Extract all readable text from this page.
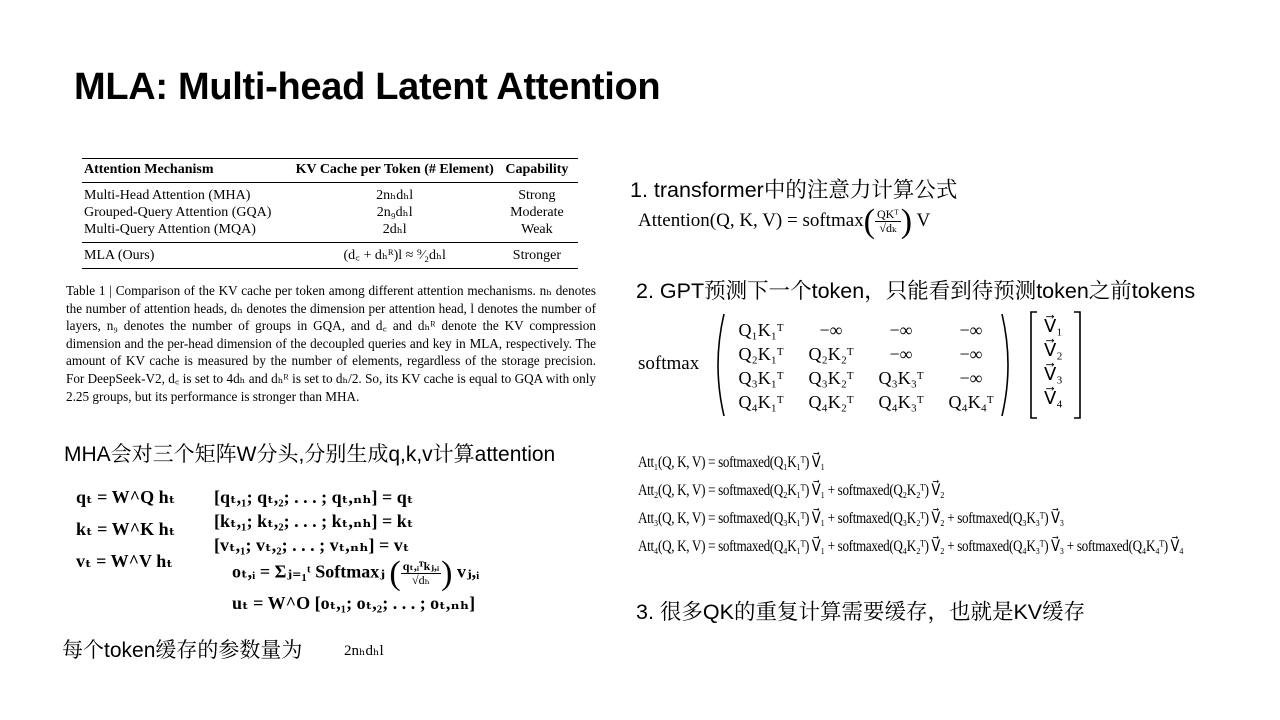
MLA: Multi-head Latent Attention
Attention Mechanism	KV Cache per Token (# Element)	Capability
Multi-Head Attention (MHA)	2nₕdₕl	Strong
Grouped-Query Attention (GQA)	2n₉dₕl	Moderate
Multi-Query Attention (MQA)	2dₕl	Weak
MLA (Ours)	(d꜀ + dₕᴿ)l ≈ ⁹⁄₂dₕl	Stronger
Table 1 | Comparison of the KV cache per token among different attention mechanisms. nₕ denotes the number of attention heads, dₕ denotes the dimension per attention head, l denotes the number of layers, n₉ denotes the number of groups in GQA, and d꜀ and dₕᴿ denote the KV compression dimension and the per-head dimension of the decoupled queries and key in MLA, respectively. The amount of KV cache is measured by the number of elements, regardless of the storage precision. For DeepSeek-V2, d꜀ is set to 4dₕ and dₕᴿ is set to dₕ/2. So, its KV cache is equal to GQA with only 2.25 groups, but its performance is stronger than MHA.
MHA会对三个矩阵W分头,分别生成q,k,v计算attention
qₜ = W^Q hₜ
kₜ = W^K hₜ
vₜ = W^V hₜ
[qₜ,₁; qₜ,₂; . . . ; qₜ,ₙₕ] = qₜ
[kₜ,₁; kₜ,₂; . . . ; kₜ,ₙₕ] = kₜ
[vₜ,₁; vₜ,₂; . . . ; vₜ,ₙₕ] = vₜ
oₜ,ᵢ = Σⱼ₌₁ᵗ Softmaxⱼ ( $\frac{\text{qₜ,ᵢᵀkⱼ,ᵢ}}{\text{√dₕ}}$ ) vⱼ,ᵢ
uₜ = W^O [oₜ,₁; oₜ,₂; . . . ; oₜ,ₙₕ]
每个token缓存的参数量为	2nₕdₕl
1. transformer中的注意力计算公式
Attention(Q, K, V) = softmax( $\frac{\text{QKᵀ}}{\text{√dₖ}}$ ) V
2. GPT预测下一个token，只能看到待预测token之前tokens
softmax
Q₁K₁ᵀ	−∞	−∞	−∞
Q₂K₁ᵀ	Q₂K₂ᵀ	−∞	−∞
Q₃K₁ᵀ	Q₃K₂ᵀ	Q₃K₃ᵀ	−∞
Q₄K₁ᵀ	Q₄K₂ᵀ	Q₄K₃ᵀ	Q₄K₄ᵀ
V⃗₁
V⃗₂
V⃗₃
V⃗₄
Att₁(Q, K, V) = softmaxed(Q₁K₁ᵀ) V⃗₁
Att₂(Q, K, V) = softmaxed(Q₂K₁ᵀ) V⃗₁ + softmaxed(Q₂K₂ᵀ) V⃗₂
Att₃(Q, K, V) = softmaxed(Q₃K₁ᵀ) V⃗₁ + softmaxed(Q₃K₂ᵀ) V⃗₂ + softmaxed(Q₃K₃ᵀ) V⃗₃
Att₄(Q, K, V) = softmaxed(Q₄K₁ᵀ) V⃗₁ + softmaxed(Q₄K₂ᵀ) V⃗₂ + softmaxed(Q₄K₃ᵀ) V⃗₃ + softmaxed(Q₄K₄ᵀ) V⃗₄
3. 很多QK的重复计算需要缓存，也就是KV缓存
